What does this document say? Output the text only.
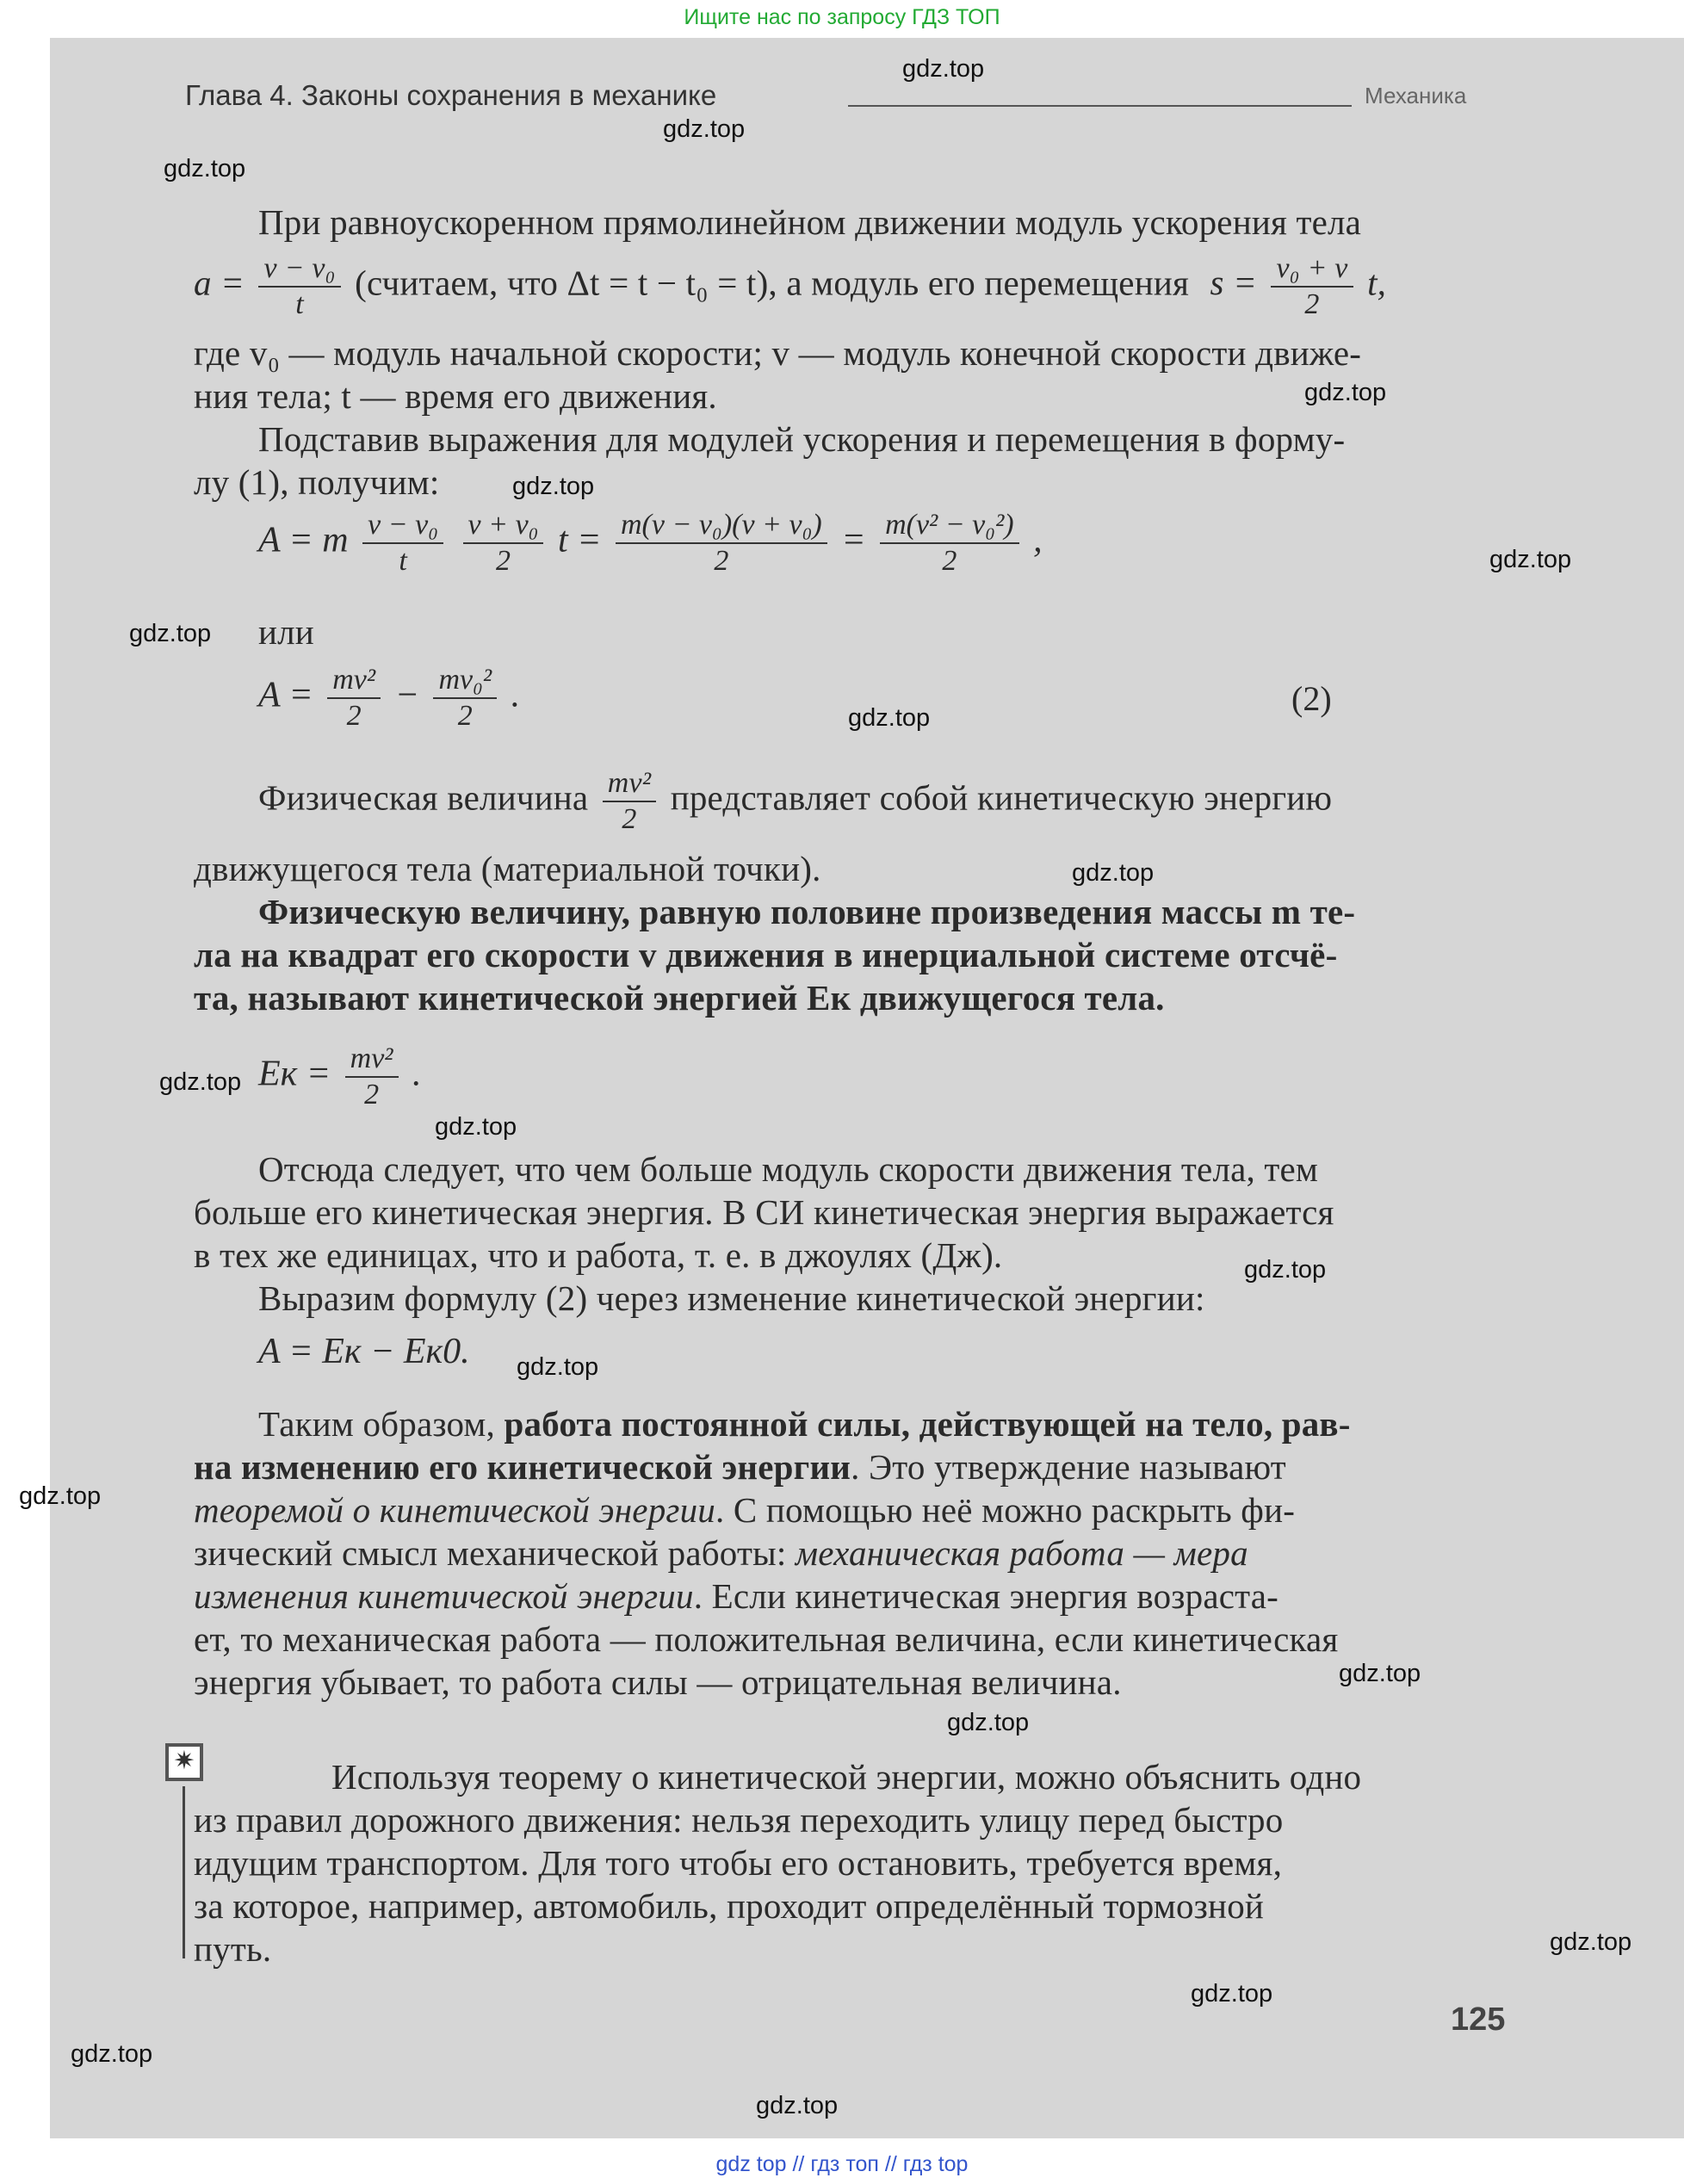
Ищите нас по запросу ГДЗ ТОП
Глава 4. Законы сохранения в механике	Механика
При равноускоренном прямолинейном движении модуль ускорения тела
$a = \frac{\text{v − v₀}}{t}$ (считаем, что Δt = t − t₀ = t), а модуль его перемещения $s = \frac{\text{v₀ + v}}{2} t$,
где v₀ — модуль начальной скорости; v — модуль конечной скорости движе-
ния тела; t — время его движения.
Подставив выражения для модулей ускорения и перемещения в форму-
лу (1), получим:
A = m $\frac{\text{v − v₀}}{t}$
$\frac{\text{v + v₀}}{2}$ $t = \frac{\text{m(v − v₀)(v + v₀)}}{2} = \frac{\text{m(v² − v₀²)}}{2}$ ,
или
$A = \frac{\text{mv²}}{2} - \frac{\text{mv₀²}}{2}$ .	(2)
Физическая величина $\frac{\text{mv²}}{2}$ представляет собой кинетическую энергию
движущегося тела (материальной точки).
Физическую величину, равную половине произведения массы m те-
ла на квадрат его скорости v движения в инерциальной системе отсчё-
та, называют кинетической энергией Eк движущегося тела.
Eк = $\frac{\text{mv²}}{2}$ .
Отсюда следует, что чем больше модуль скорости движения тела, тем
больше его кинетическая энергия. В СИ кинетическая энергия выражается
в тех же единицах, что и работа, т. е. в джоулях (Дж).
Выразим формулу (2) через изменение кинетической энергии:
A = Eк − Eк0.
Таким образом, работа постоянной силы, действующей на тело, рав-
на изменению его кинетической энергии. Это утверждение называют
теоремой о кинетической энергии. С помощью неё можно раскрыть фи-
зический смысл механической работы: механическая работа — мера
изменения кинетической энергии. Если кинетическая энергия возраста-
ет, то механическая работа — положительная величина, если кинетическая
энергия убывает, то работа силы — отрицательная величина.
✷	Используя теорему о кинетической энергии, можно объяснить одно
из правил дорожного движения: нельзя переходить улицу перед быстро
идущим транспортом. Для того чтобы его остановить, требуется время,
за которое, например, автомобиль, проходит определённый тормозной
путь.
125
gdz.top
gdz.top
gdz.top
gdz.top
gdz.top
gdz.top
gdz.top
gdz.top
gdz.top
gdz.top
gdz.top
gdz.top
gdz.top
gdz.top
gdz.top
gdz.top
gdz.top
gdz.top
gdz.top
gdz.top
gdz top // гдз топ // гдз top
